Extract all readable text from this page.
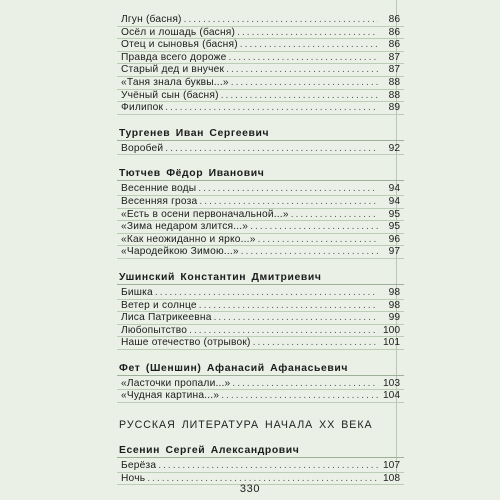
Лгун (басня) .....	86
Осёл и лошадь (басня) .....	86
Отец и сыновья (басня) .....	86
Правда всего дороже .....	87
Старый дед и внучек .....	87
«Таня знала буквы...» .....	88
Учёный сын (басня) .....	88
Филипок .....	89
Тургенев Иван Сергеевич
Воробей .....	92
Тютчев Фёдор Иванович
Весенние воды .....	94
Весенняя гроза .....	94
«Есть в осени первоначальной...» .....	95
«Зима недаром злится...» .....	95
«Как неожиданно и ярко...» .....	96
«Чародейкою Зимою...» .....	97
Ушинский Константин Дмитриевич
Бишка .....	98
Ветер и солнце .....	98
Лиса Патрикеевна .....	99
Любопытство .....	100
Наше отечество (отрывок) .....	101
Фет (Шеншин) Афанасий Афанасьевич
«Ласточки пропали...» .....	103
«Чудная картина...» .....	104
РУССКАЯ ЛИТЕРАТУРА НАЧАЛА XX ВЕКА
Есенин Сергей Александрович
Берёза .....	107
Ночь .....	108
330
